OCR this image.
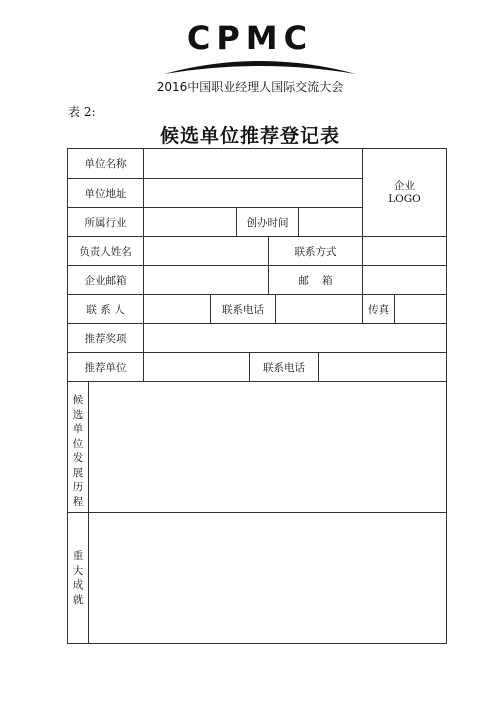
CPMC
2016中国职业经理人国际交流大会
表 2:
候选单位推荐登记表
单位名称
企业
LOGO
单位地址
所属行业	创办时间
负责人姓名	联系方式
企业邮箱	邮    箱
联 系 人	联系电话	传真
推荐奖项
推荐单位	联系电话
候选单位发展历程
重大成就
